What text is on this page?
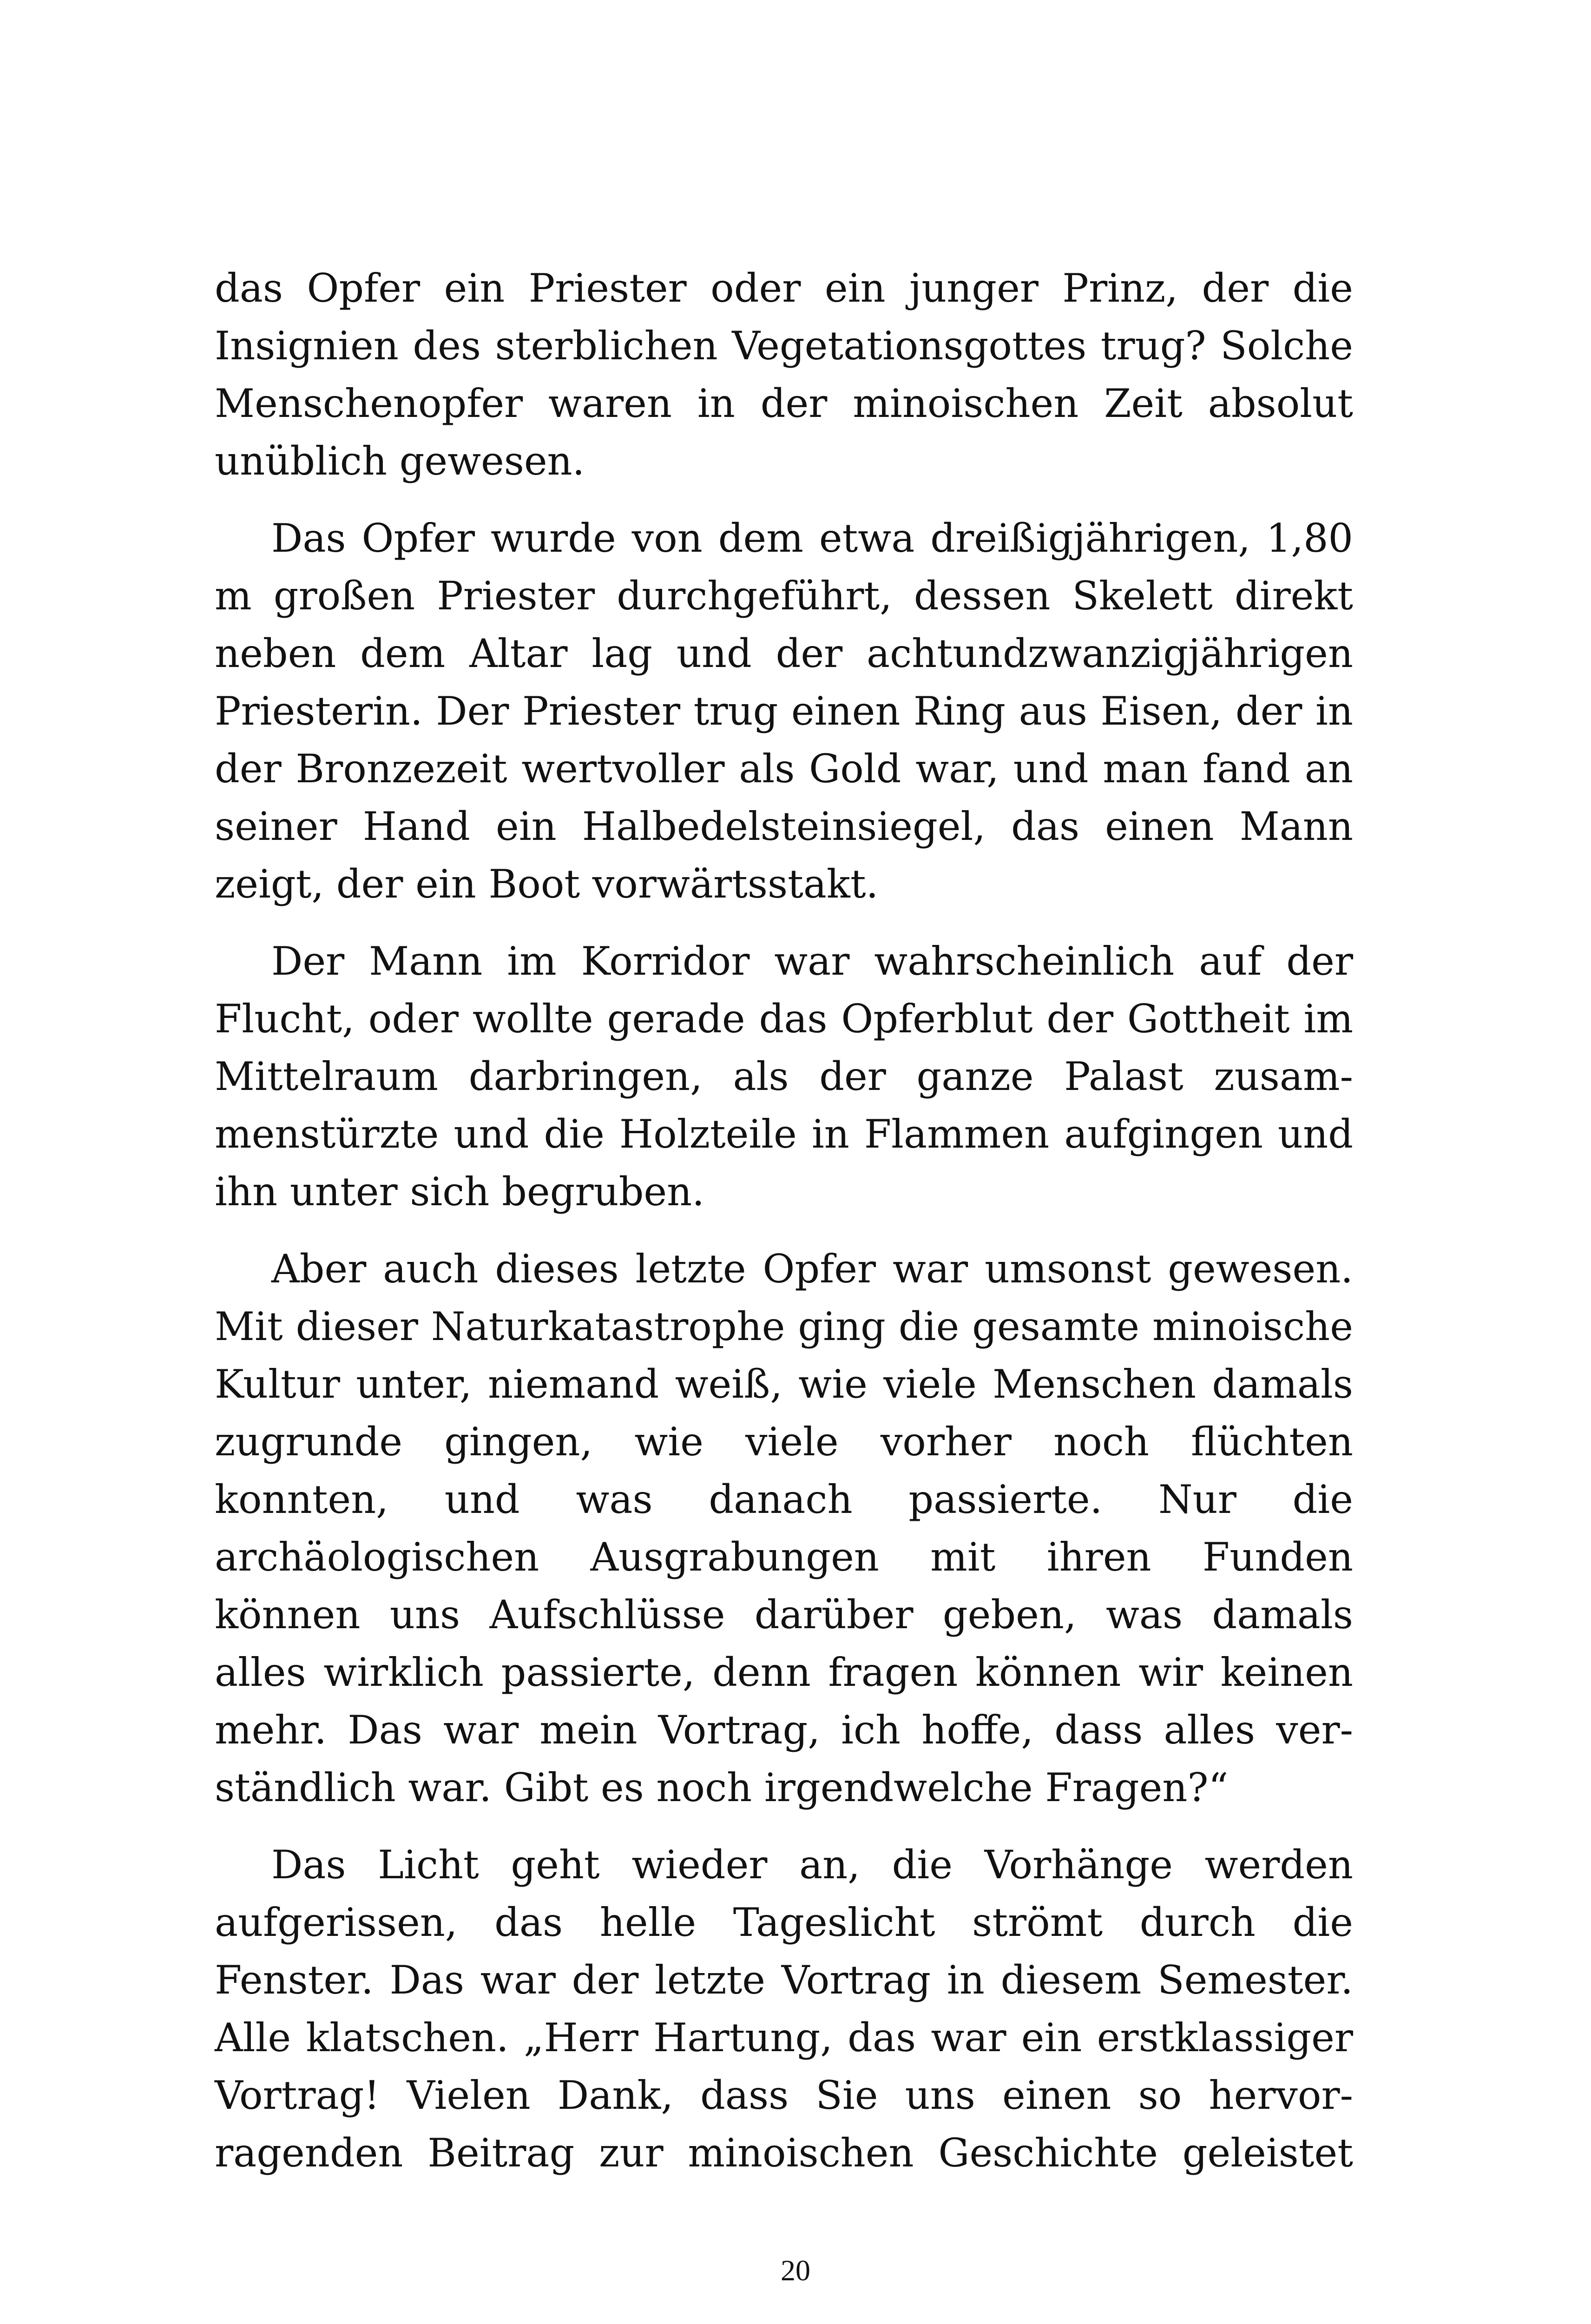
das Opfer ein Priester oder ein junger Prinz, der die Insignien des sterblichen Vegetationsgottes trug? Solche Menschenopfer waren in der minoischen Zeit absolut unüblich gewesen.

Das Opfer wurde von dem etwa dreißigjährigen, 1,80 m großen Priester durchgeführt, dessen Skelett direkt neben dem Altar lag und der achtundzwanzigjährigen Priesterin. Der Priester trug einen Ring aus Eisen, der in der Bronzezeit wertvoller als Gold war, und man fand an seiner Hand ein Halbedelsteinsiegel, das einen Mann zeigt, der ein Boot vorwärtsstakt.

Der Mann im Korridor war wahrscheinlich auf der Flucht, oder wollte gerade das Opferblut der Gottheit im Mittelraum darbringen, als der ganze Palast zusammenstürzte und die Holzteile in Flammen aufgingen und ihn unter sich begruben.

Aber auch dieses letzte Opfer war umsonst gewesen. Mit dieser Naturkatastrophe ging die gesamte minoische Kultur unter, niemand weiß, wie viele Menschen damals zugrunde gingen, wie viele vorher noch flüchten konnten, und was danach passierte. Nur die archäologischen Ausgrabungen mit ihren Funden können uns Aufschlüsse darüber geben, was damals alles wirklich passierte, denn fragen können wir keinen mehr. Das war mein Vortrag, ich hoffe, dass alles verständlich war. Gibt es noch irgendwelche Fragen?“

Das Licht geht wieder an, die Vorhänge werden aufgerissen, das helle Tageslicht strömt durch die Fenster. Das war der letzte Vortrag in diesem Semester. Alle klatschen. „Herr Hartung, das war ein erstklassiger Vortrag! Vielen Dank, dass Sie uns einen so hervorragenden Beitrag zur minoischen Geschichte geleistet

20
